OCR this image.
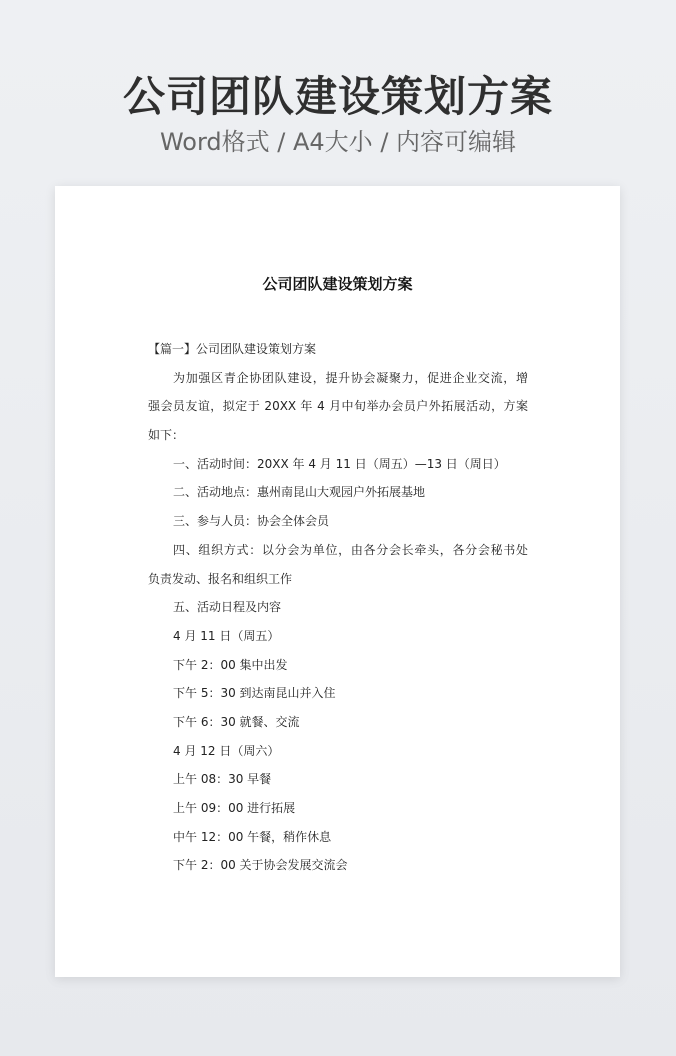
公司团队建设策划方案
Word格式 / A4大小 / 内容可编辑
公司团队建设策划方案
【篇一】公司团队建设策划方案
为加强区青企协团队建设，提升协会凝聚力，促进企业交流，增
强会员友谊，拟定于 20XX 年 4 月中旬举办会员户外拓展活动，方案
如下：
一、活动时间：20XX 年 4 月 11 日（周五）—13 日（周日）
二、活动地点：惠州南昆山大观园户外拓展基地
三、参与人员：协会全体会员
四、组织方式：以分会为单位，由各分会长牵头，各分会秘书处
负责发动、报名和组织工作
五、活动日程及内容
4 月 11 日（周五）
下午 2：00 集中出发
下午 5：30 到达南昆山并入住
下午 6：30 就餐、交流
4 月 12 日（周六）
上午 08：30 早餐
上午 09：00 进行拓展
中午 12：00 午餐，稍作休息
下午 2：00 关于协会发展交流会
